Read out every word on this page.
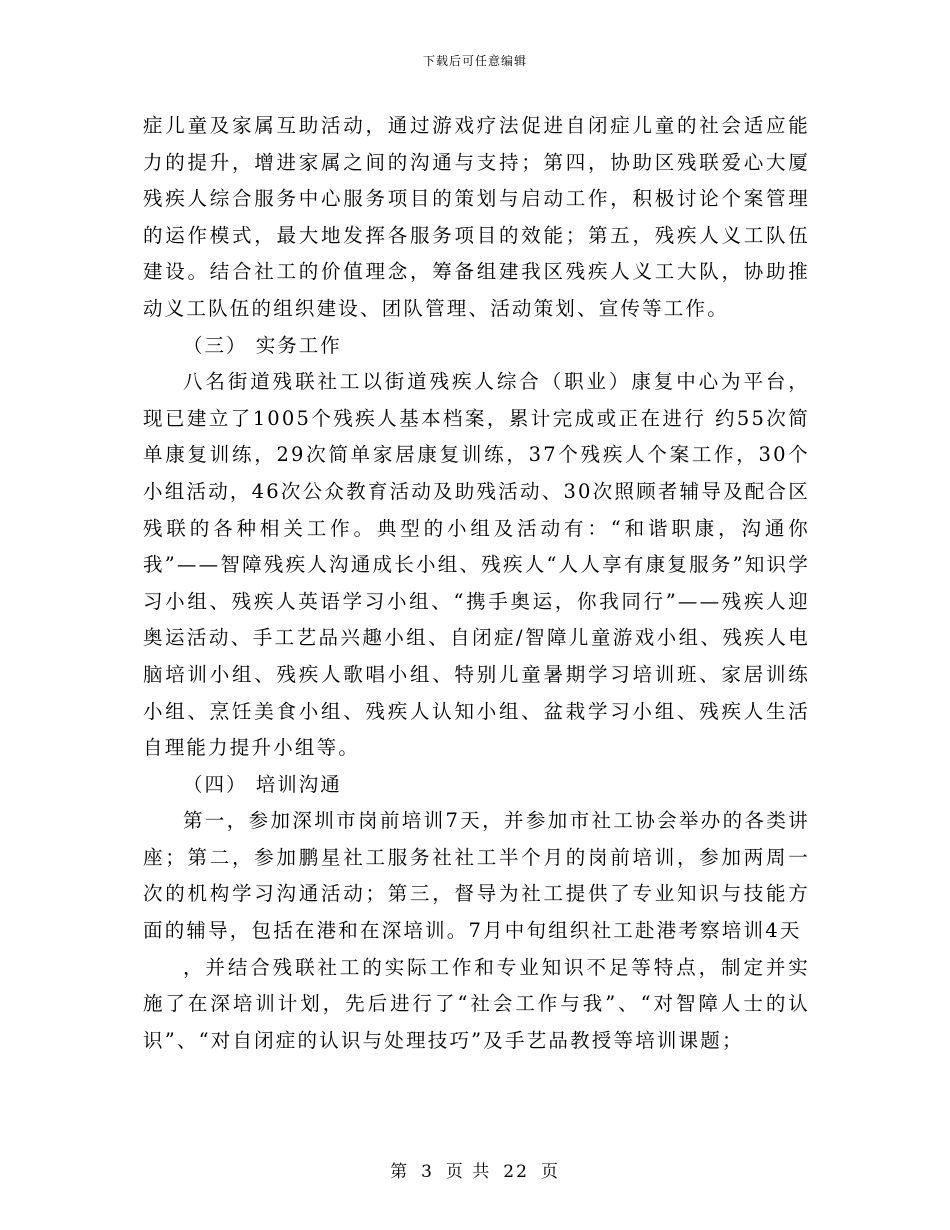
下载后可任意编辑

症儿童及家属互助活动，通过游戏疗法促进自闭症儿童的社会适应能力的提升，增进家属之间的沟通与支持；第四，协助区残联爱心大厦残疾人综合服务中心服务项目的策划与启动工作，积极讨论个案管理的运作模式，最大地发挥各服务项目的效能；第五，残疾人义工队伍建设。结合社工的价值理念，筹备组建我区残疾人义工大队，协助推动义工队伍的组织建设、团队管理、活动策划、宣传等工作。

（三） 实务工作

八名街道残联社工以街道残疾人综合（职业）康复中心为平台，现已建立了1005个残疾人基本档案，累计完成或正在进行 约55次简单康复训练，29次简单家居康复训练，37个残疾人个案工作，30个小组活动，46次公众教育活动及助残活动、30次照顾者辅导及配合区残联的各种相关工作。典型的小组及活动有：“和谐职康，沟通你我”——智障残疾人沟通成长小组、残疾人“人人享有康复服务”知识学习小组、残疾人英语学习小组、“携手奥运，你我同行”——残疾人迎奥运活动、手工艺品兴趣小组、自闭症/智障儿童游戏小组、残疾人电脑培训小组、残疾人歌唱小组、特别儿童暑期学习培训班、家居训练小组、烹饪美食小组、残疾人认知小组、盆栽学习小组、残疾人生活自理能力提升小组等。

（四） 培训沟通

第一，参加深圳市岗前培训7天，并参加市社工协会举办的各类讲座；第二，参加鹏星社工服务社社工半个月的岗前培训，参加两周一次的机构学习沟通活动；第三，督导为社工提供了专业知识与技能方面的辅导，包括在港和在深培训。7月中旬组织社工赴港考察培训4天

，并结合残联社工的实际工作和专业知识不足等特点，制定并实施了在深培训计划，先后进行了“社会工作与我”、“对智障人士的认识”、“对自闭症的认识与处理技巧”及手艺品教授等培训课题；

第 3 页 共 22 页
